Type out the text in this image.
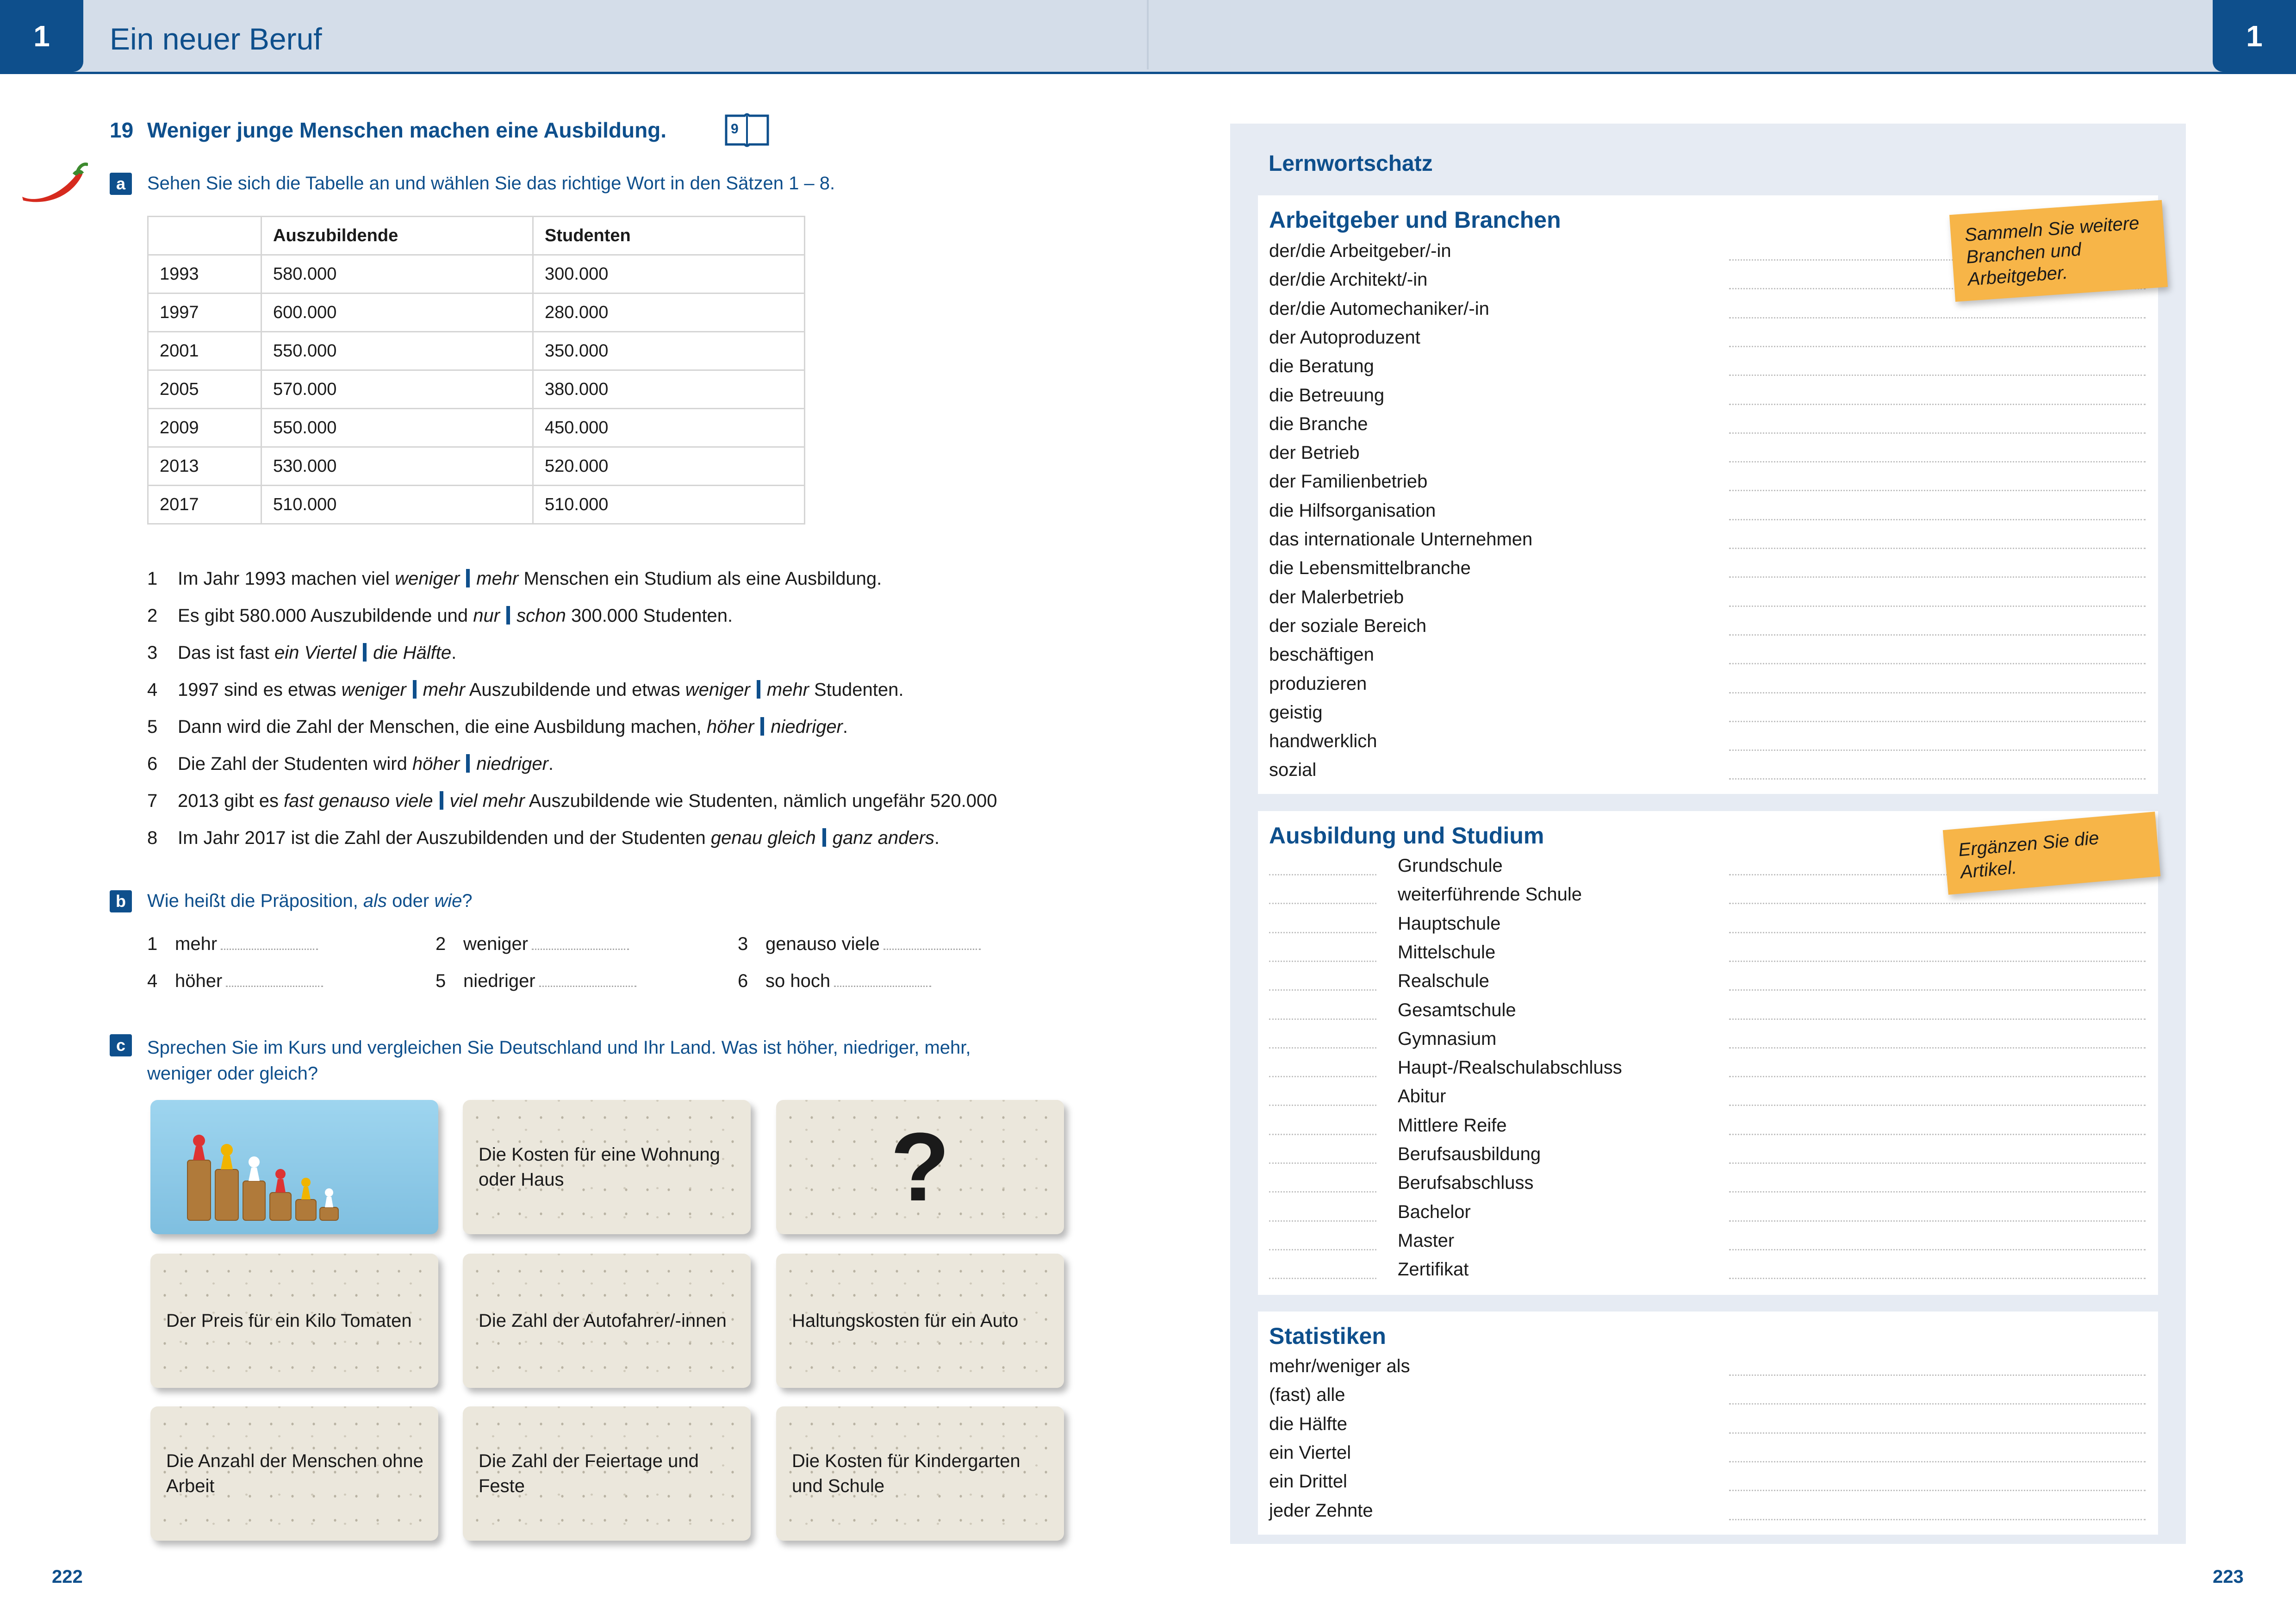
1	Ein neuer Beruf	1
19 Weniger junge Menschen machen eine Ausbildung.	9
a	Sehen Sie sich die Tabelle an und wählen Sie das richtige Wort in den Sätzen 1 – 8.
	Auszubildende	Studenten
1993	580.000	300.000
1997	600.000	280.000
2001	550.000	350.000
2005	570.000	380.000
2009	550.000	450.000
2013	530.000	520.000
2017	510.000	510.000
1 Im Jahr 1993 machen viel weniger mehr Menschen ein Studium als eine Ausbildung.
2 Es gibt 580.000 Auszubildende und nur schon 300.000 Studenten.
3 Das ist fast ein Viertel die Hälfte.
4 1997 sind es etwas weniger mehr Auszubildende und etwas weniger mehr Studenten.
5 Dann wird die Zahl der Menschen, die eine Ausbildung machen, höher niedriger.
6 Die Zahl der Studenten wird höher niedriger.
7 2013 gibt es fast genauso viele viel mehr Auszubildende wie Studenten, nämlich ungefähr 520.000
8 Im Jahr 2017 ist die Zahl der Auszubildenden und der Studenten genau gleich ganz anders.
b	Wie heißt die Präposition, als oder wie?
1 mehr	2 weniger	3 genauso viele
4 höher	5 niedriger	6 so hoch
c	Sprechen Sie im Kurs und vergleichen Sie Deutschland und Ihr Land. Was ist höher, niedriger, mehr,
weniger oder gleich?
Die Kosten für eine Wohnung oder Haus	?
Der Preis für ein Kilo Tomaten	Die Zahl der Autofahrer/-innen	Haltungskosten für ein Auto
Die Anzahl der Menschen ohne Arbeit
Die Zahl der Feiertage und Feste
Die Kosten für Kindergarten und Schule
Lernwortschatz
Arbeitgeber und Branchen
der/die Arbeitgeber/-in
der/die Architekt/-in
der/die Automechaniker/-in
der Autoproduzent
die Beratung
die Betreuung
die Branche
der Betrieb
der Familienbetrieb
die Hilfsorganisation
das internationale Unternehmen
die Lebensmittelbranche
der Malerbetrieb
der soziale Bereich
beschäftigen
produzieren
geistig
handwerklich
sozial
Sammeln Sie weitere Branchen und Arbeitgeber.
Ausbildung und Studium
Grundschule
weiterführende Schule
Hauptschule
Mittelschule
Realschule
Gesamtschule
Gymnasium
Haupt-/Realschulabschluss
Abitur
Mittlere Reife
Berufsausbildung
Berufsabschluss
Bachelor
Master
Zertifikat
Ergänzen Sie die Artikel.
Statistiken
mehr/weniger als
(fast) alle
die Hälfte
ein Viertel
ein Drittel
jeder Zehnte
222	223
